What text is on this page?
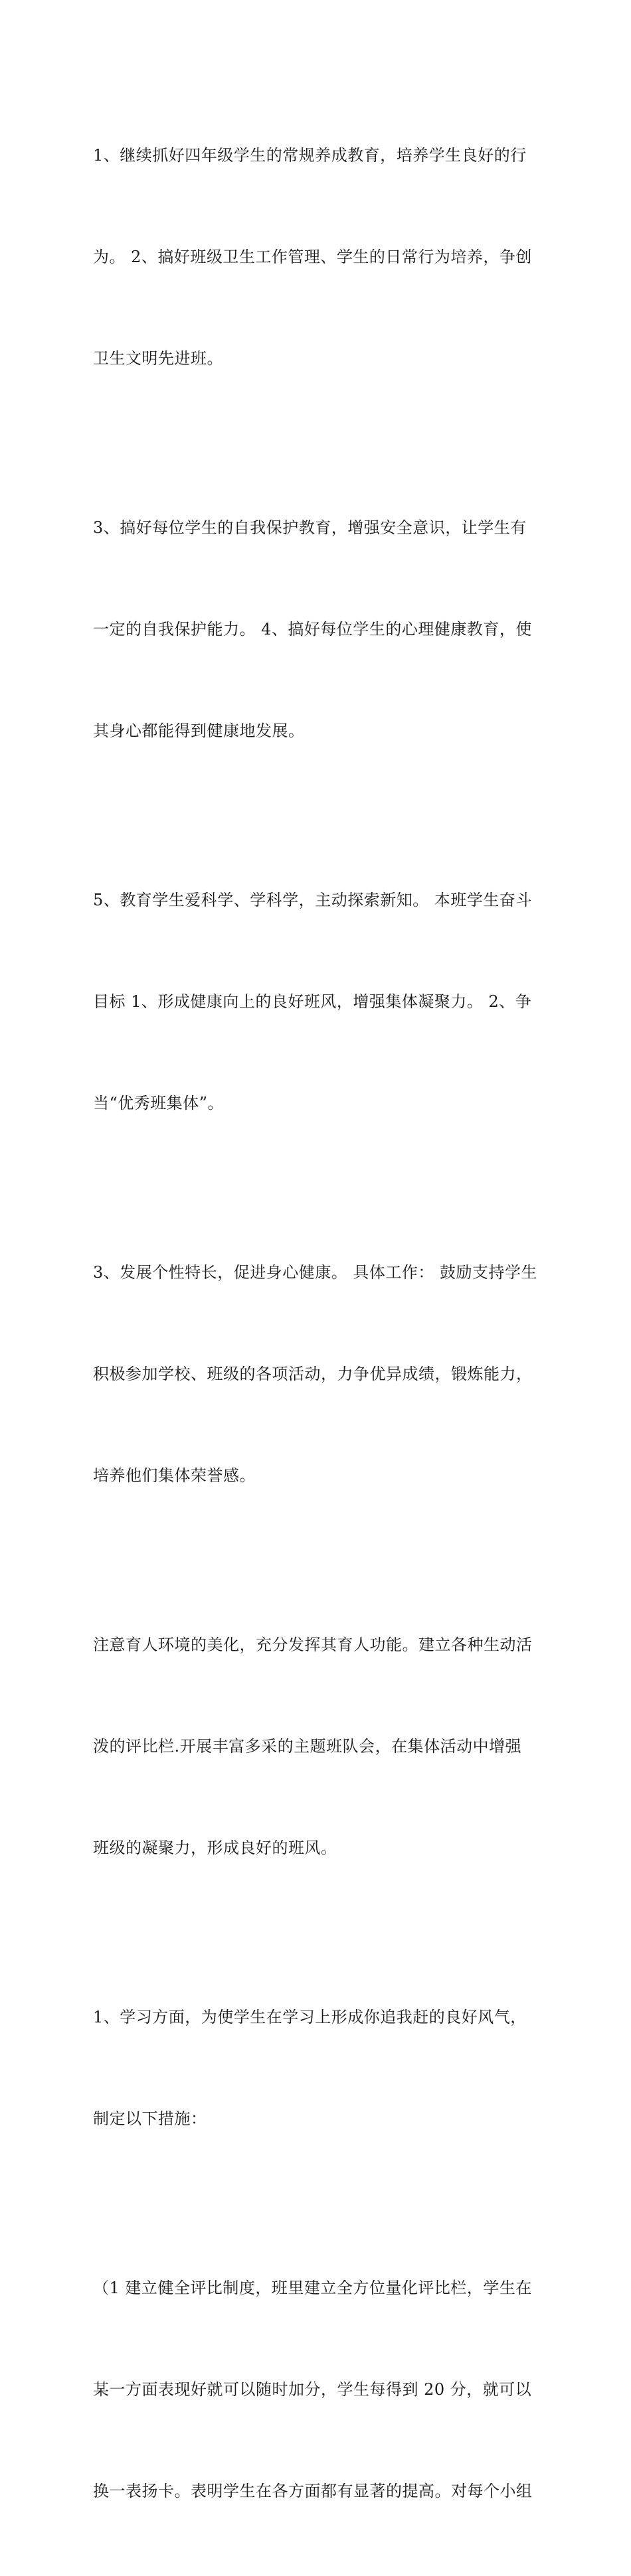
1、继续抓好四年级学生的常规养成教育，培养学生良好的行

为。 2、搞好班级卫生工作管理、学生的日常行为培养，争创

卫生文明先进班。

3、搞好每位学生的自我保护教育，增强安全意识，让学生有

一定的自我保护能力。 4、搞好每位学生的心理健康教育，使

其身心都能得到健康地发展。

5、教育学生爱科学、学科学，主动探索新知。 本班学生奋斗

目标 1、形成健康向上的良好班风，增强集体凝聚力。 2、争

当“优秀班集体”。

3、发展个性特长，促进身心健康。 具体工作： 鼓励支持学生

积极参加学校、班级的各项活动，力争优异成绩，锻炼能力，

培养他们集体荣誉感。

注意育人环境的美化，充分发挥其育人功能。建立各种生动活

泼的评比栏.开展丰富多采的主题班队会，在集体活动中增强

班级的凝聚力，形成良好的班风。

1、学习方面，为使学生在学习上形成你追我赶的良好风气，

制定以下措施：

（1 建立健全评比制度，班里建立全方位量化评比栏，学生在

某一方面表现好就可以随时加分，学生每得到 20 分，就可以

换一表扬卡。表明学生在各方面都有显著的提高。对每个小组
